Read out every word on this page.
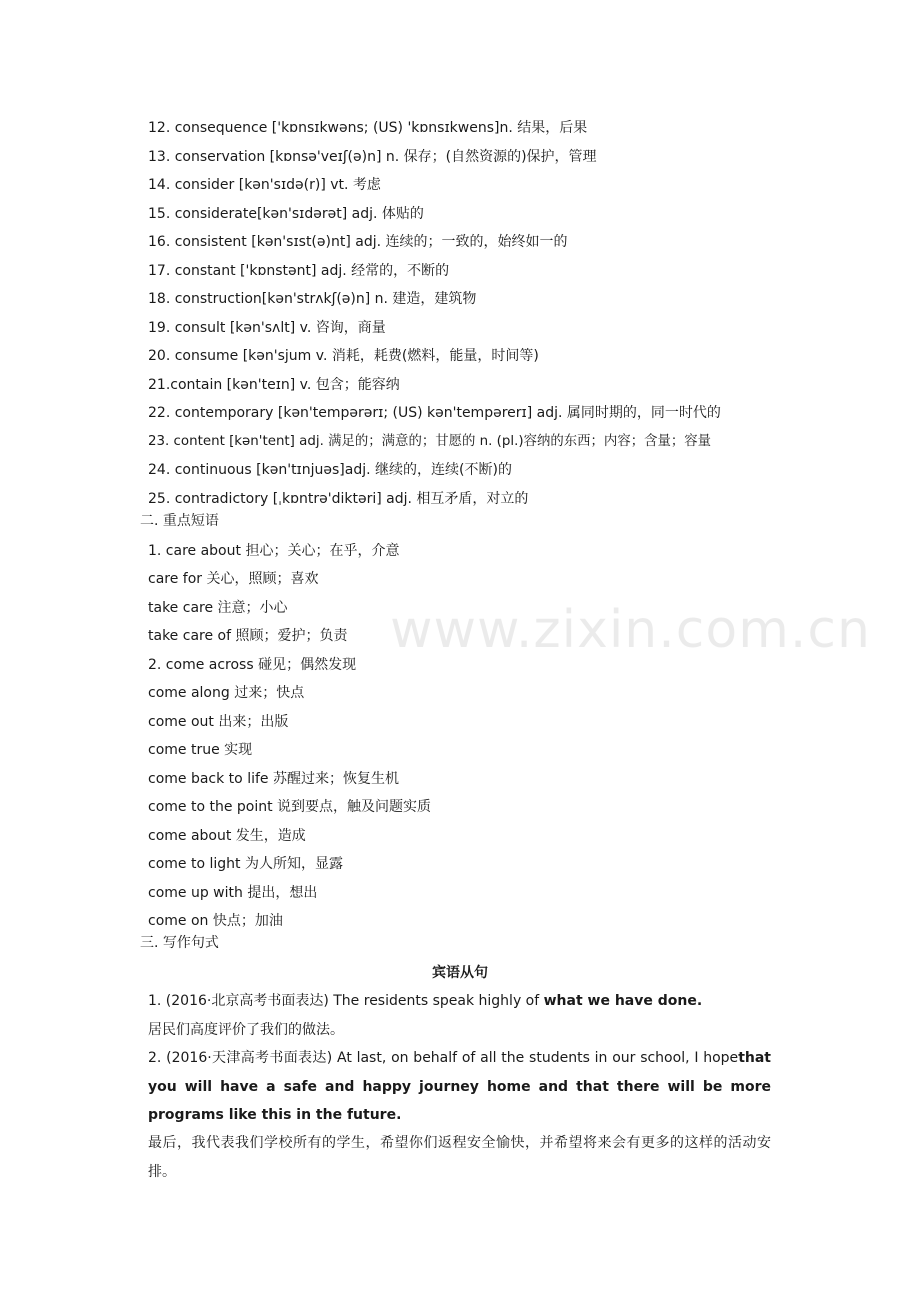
www.zixin.com.cn
12. consequence ['kɒnsɪkwəns; (US) 'kɒnsɪkwens]n. 结果，后果
13. conservation [kɒnsə'veɪʃ(ə)n] n. 保存；(自然资源的)保护，管理
14. consider [kən'sɪdə(r)] vt. 考虑
15. considerate[kən'sɪdərət] adj. 体贴的
16. consistent [kən'sɪst(ə)nt] adj. 连续的；一致的，始终如一的
17. constant ['kɒnstənt] adj. 经常的，不断的
18. construction[kən'strʌkʃ(ə)n] n. 建造，建筑物
19. consult [kən'sʌlt] v. 咨询，商量
20. consume [kən'sjum v. 消耗，耗费(燃料，能量，时间等)
21.contain [kən'teɪn] v. 包含；能容纳
22. contemporary [kən'tempərərɪ; (US) kən'tempərerɪ] adj. 属同时期的，同一时代的
23. content [kən'tent] adj. 满足的；满意的；甘愿的 n. (pl.)容纳的东西；内容；含量；容量
24. continuous [kən'tɪnjuəs]adj. 继续的，连续(不断)的
25. contradictory [ˌkɒntrə'diktəri] adj. 相互矛盾，对立的
二. 重点短语
1. care about 担心；关心；在乎，介意
care for 关心，照顾；喜欢
take care 注意；小心
take care of 照顾；爱护；负责
2. come across 碰见；偶然发现
come along 过来；快点
come out 出来；出版
come true 实现
come back to life 苏醒过来；恢复生机
come to the point 说到要点，触及问题实质
come about 发生，造成
come to light 为人所知，显露
come up with 提出，想出
come on 快点；加油
三. 写作句式
宾语从句
1. (2016·北京高考书面表达) The residents speak highly of what we have done.
居民们高度评价了我们的做法。
2. (2016·天津高考书面表达) At last, on behalf of all the students in our school, I hopethat you will have a safe and happy journey home and that there will be more programs like this in the future.
最后，我代表我们学校所有的学生，希望你们返程安全愉快，并希望将来会有更多的这样的活动安排。
